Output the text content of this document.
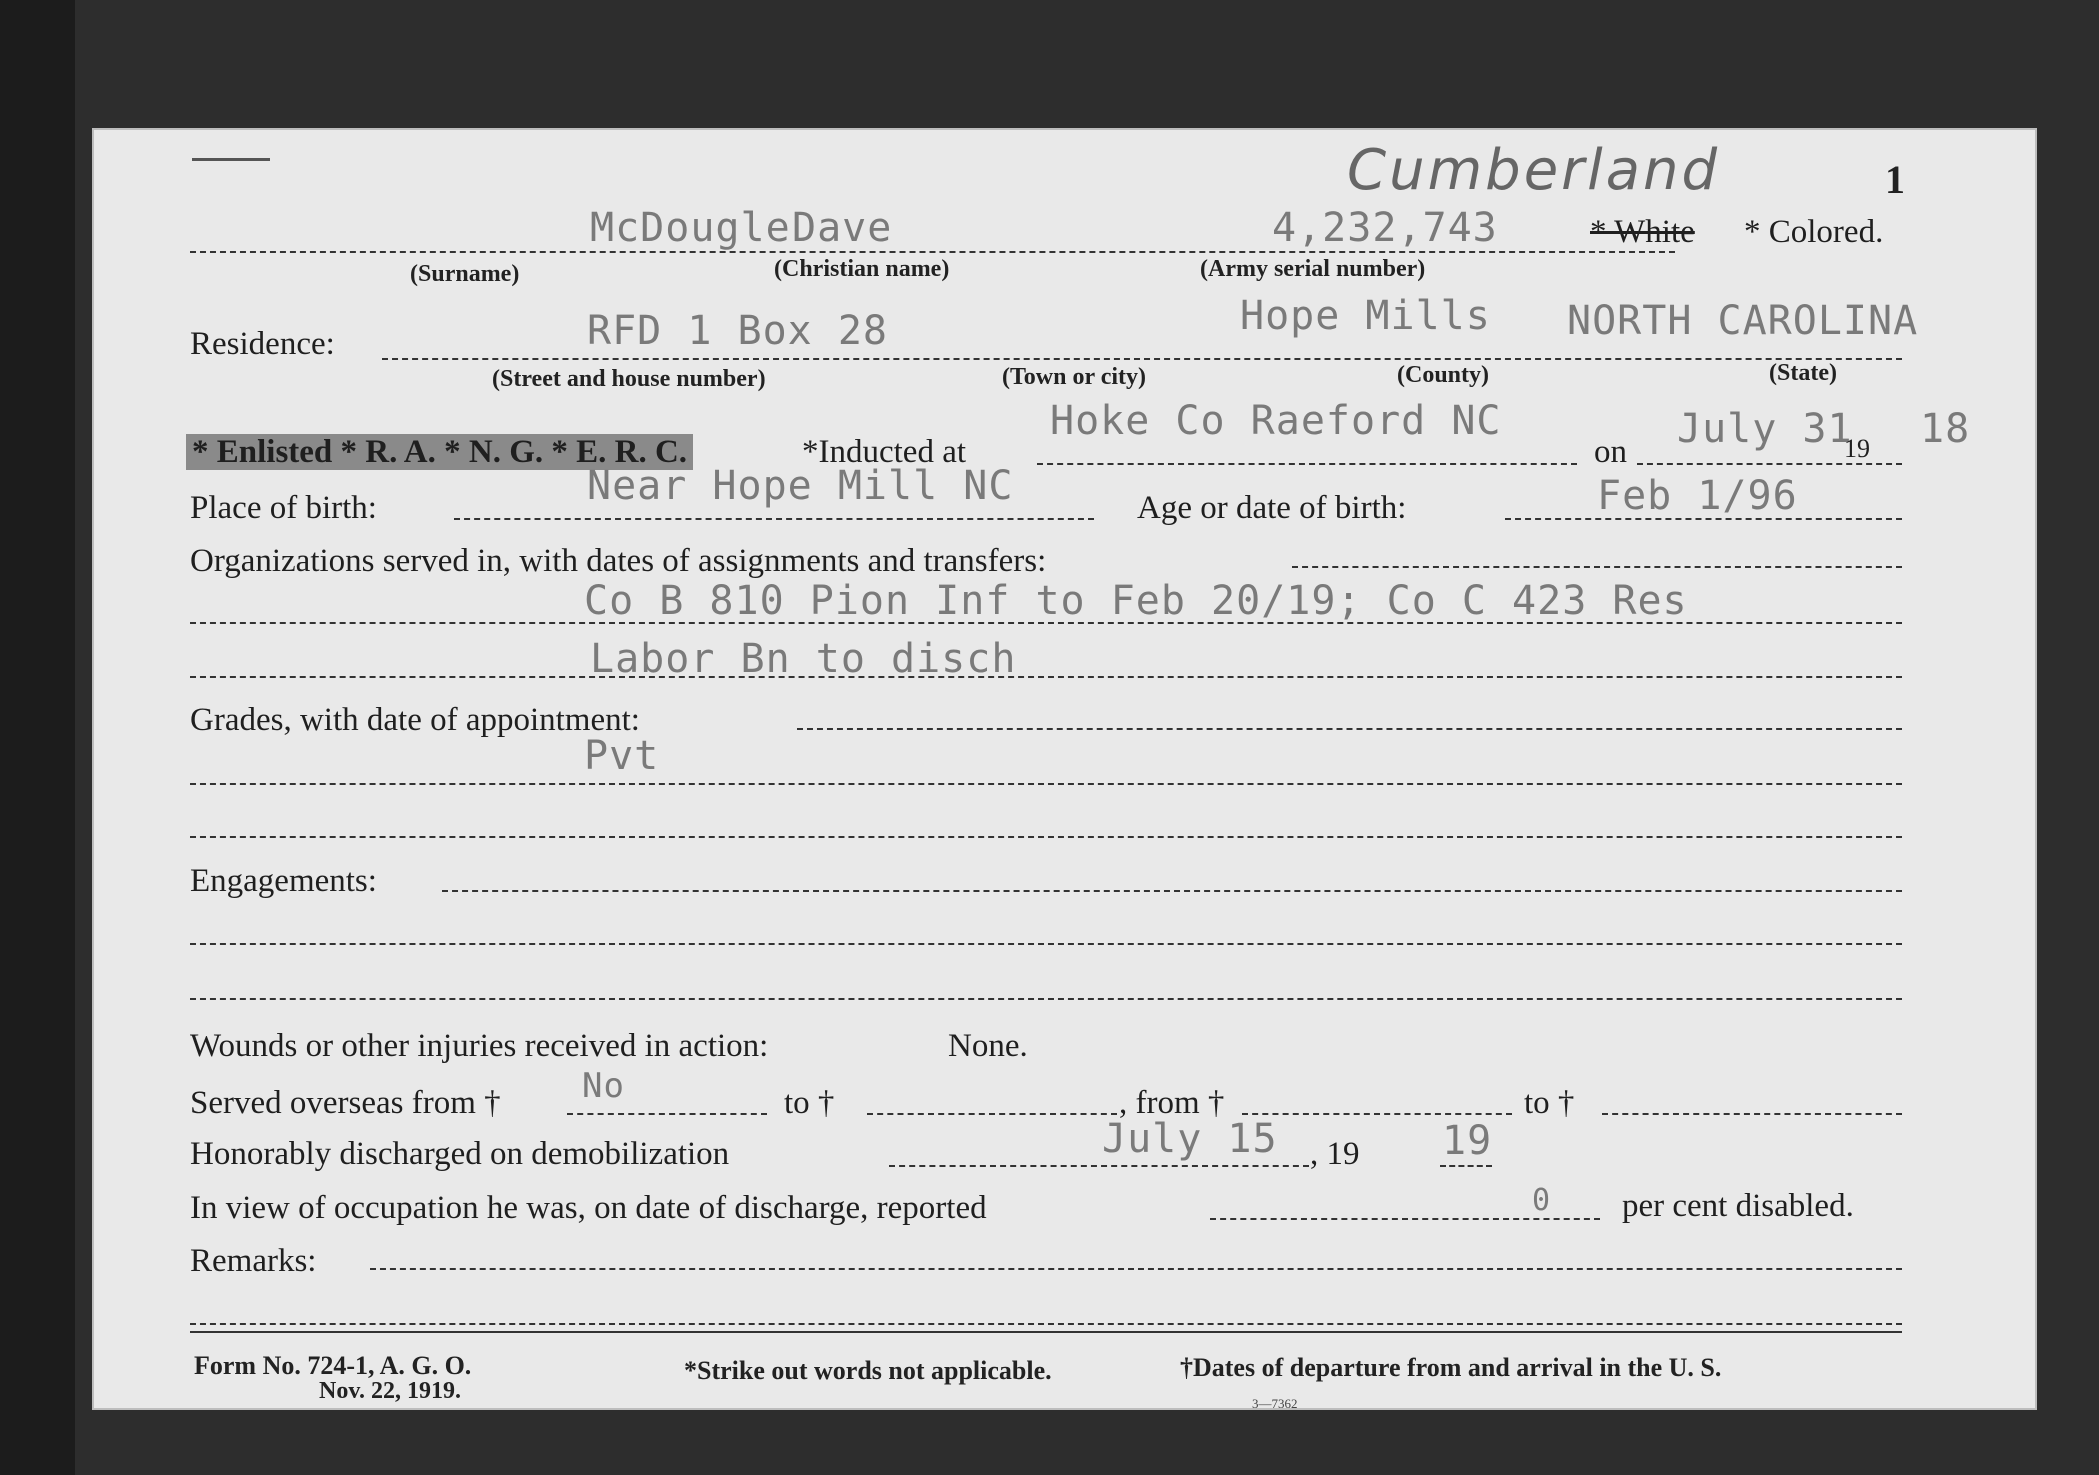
Cumberland	1
McDougle Dave	4,232,743	* White * Colored.
(Surname)	(Christian name)	(Army serial number)
Residence:	RFD 1 Box 28	Hope Mills NORTH CAROLINA
(Street and house number)	(Town or city)	(County)	(State)
* Enlisted * R. A. * N. G. * E. R. C.	*Inducted at
Hoke Co Raeford NC
on July 31
19 18
Place of birth:	Near Hope Mill NC	Age or date of birth:	Feb 1/96
Organizations served in, with dates of assignments and transfers:
Co B 810 Pion Inf to Feb 20/19; Co C 423 Res
Labor Bn to disch
Grades, with date of appointment:
Pvt
Engagements:
Wounds or other injuries received in action:	None.
Served overseas from † No	to †	, from †	to †
Honorably discharged on demobilization	July 15 , 19 19
In view of occupation he was, on date of discharge, reported	0 per cent disabled.
Remarks:
Form No. 724-1, A. G. O.
Nov. 22, 1919.
*Strike out words not applicable.	†Dates of departure from and arrival in the U. S.
3—7362
